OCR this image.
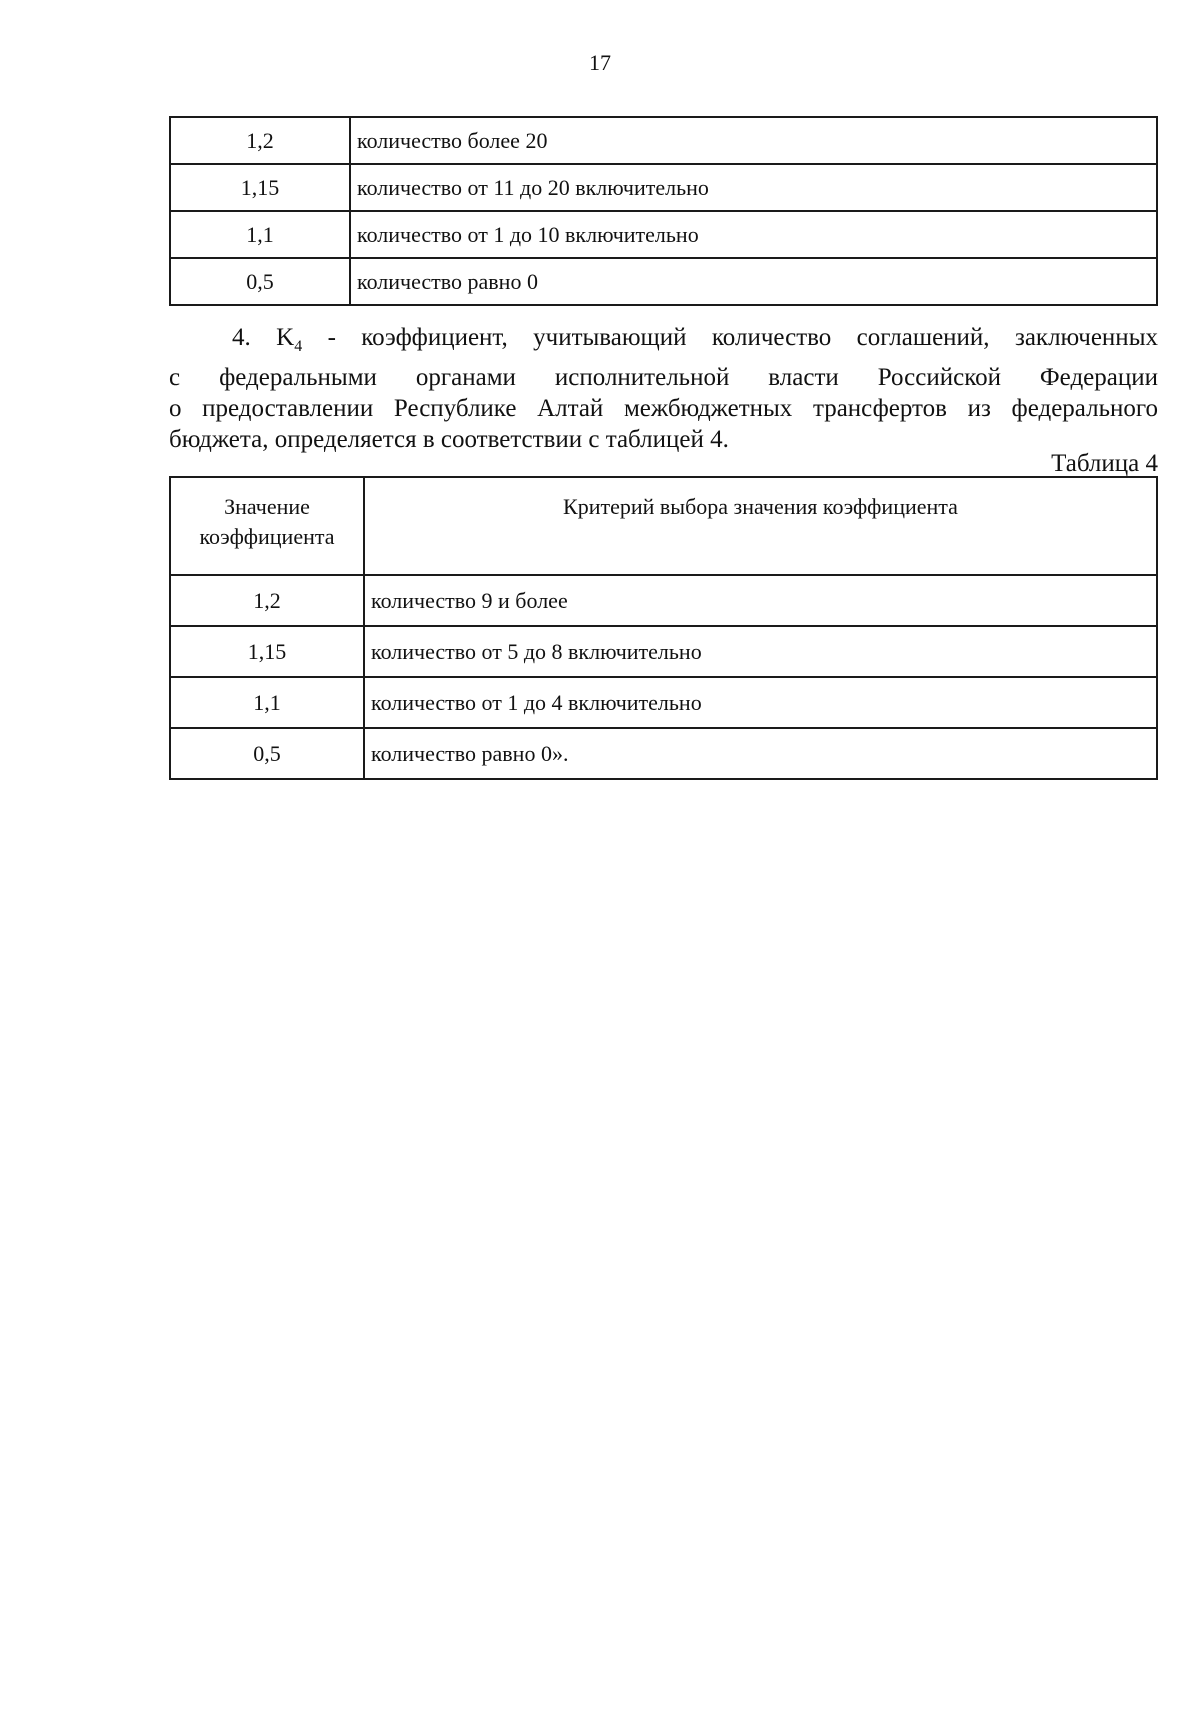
17
1,2	количество более 20
1,15	количество от 11 до 20 включительно
1,1	количество от 1 до 10 включительно
0,5	количество равно 0
4. $K_4$ - коэффициент, учитывающий количество соглашений, заключенных
с федеральными органами исполнительной власти Российской Федерации
о предоставлении Республике Алтай межбюджетных трансфертов из федерального
бюджета, определяется в соответствии с таблицей 4.
Таблица 4
Значение
коэффициента	Критерий выбора значения коэффициента
1,2	количество 9 и более
1,15	количество от 5 до 8 включительно
1,1	количество от 1 до 4 включительно
0,5	количество равно 0».
